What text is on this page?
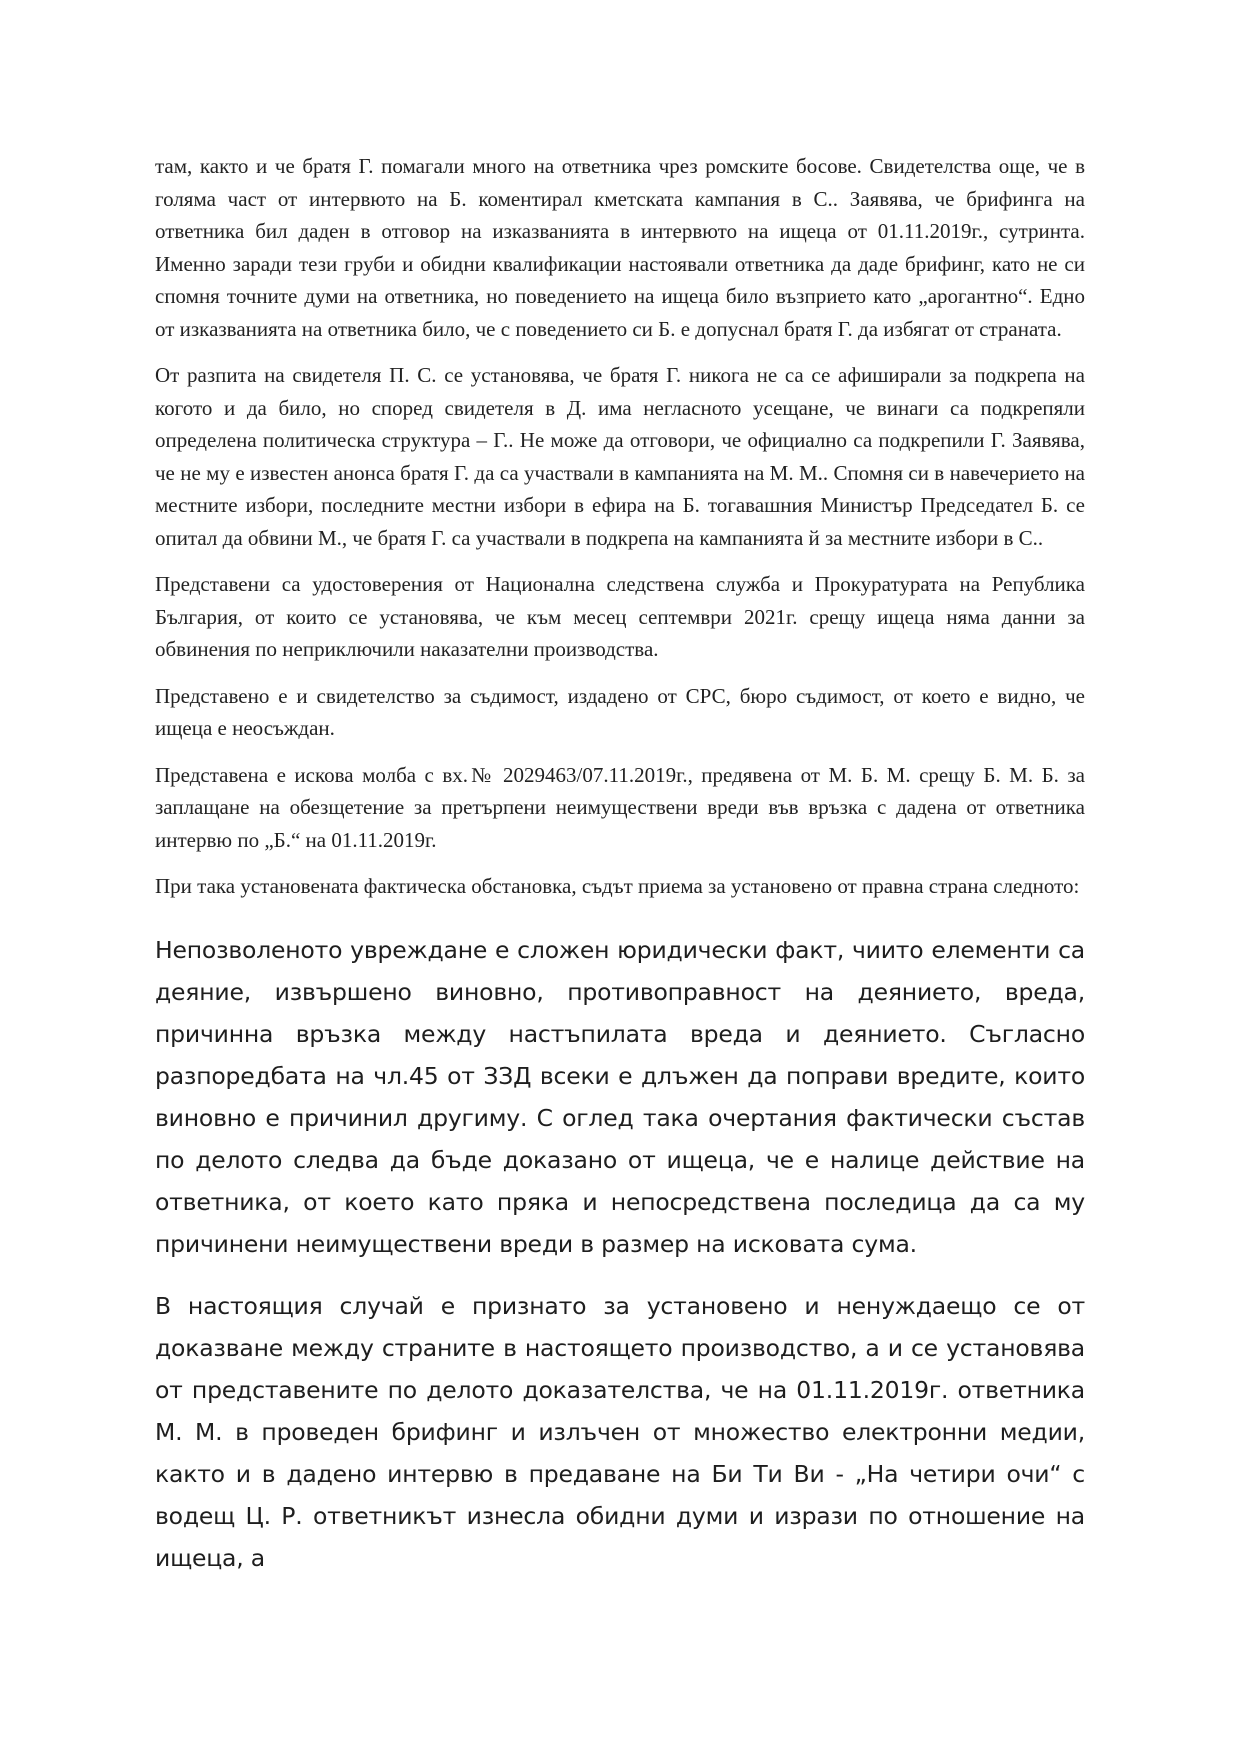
там, както и че братя Г. помагали много на ответника чрез ромските босове. Свидетелства още, че в голяма част от интервюто на Б. коментирал кметската кампания в С.. Заявява, че брифинга на ответника бил даден в отговор на изказванията в интервюто на ищеца от 01.11.2019г., сутринта. Именно заради тези груби и обидни квалификации настоявали ответника да даде брифинг, като не си спомня точните думи на ответника, но поведението на ищеца било възприето като „арогантно“. Едно от изказванията на ответника било, че с поведението си Б. е допуснал братя Г. да избягат от страната.

От разпита на свидетеля П. С. се установява, че братя Г. никога не са се афиширали за подкрепа на когото и да било, но според свидетеля в Д. има негласното усещане, че винаги са подкрепяли определена политическа структура – Г.. Не може да отговори, че официално са подкрепили Г. Заявява, че не му е известен анонса братя Г. да са участвали в кампанията на М. М.. Спомня си в навечерието на местните избори, последните местни избори в ефира на Б. тогавашния Министър Председател Б. се опитал да обвини М., че братя Г. са участвали в подкрепа на кампанията й за местните избори в С..

Представени са удостоверения от Национална следствена служба и Прокуратурата на Република България, от които се установява, че към месец септември 2021г. срещу ищеца няма данни за обвинения по неприключили наказателни производства.

Представено е и свидетелство за съдимост, издадено от СРС, бюро съдимост, от което е видно, че ищеца е неосъждан.

Представена е искова молба с вх.№ 2029463/07.11.2019г., предявена от М. Б. М. срещу Б. М. Б. за заплащане на обезщетение за претърпени неимуществени вреди във връзка с дадена от ответника интервю по „Б.“ на 01.11.2019г.

При така установената фактическа обстановка, съдът приема за установено от правна страна следното:

Непозволеното увреждане е сложен юридически факт, чиито елементи са деяние, извършено виновно, противоправност на деянието, вреда, причинна връзка между настъпилата вреда и деянието. Съгласно разпоредбата на чл.45 от ЗЗД всеки е длъжен да поправи вредите, които виновно е причинил другиму. С оглед така очертания фактически състав по делото следва да бъде доказано от ищеца, че е налице действие на ответника, от което като пряка и непосредствена последица да са му причинени неимуществени вреди в размер на исковата сума.

В настоящия случай е признато за установено и ненуждаещо се от доказване между страните в настоящето производство, а и се установява от представените по делото доказателства, че на 01.11.2019г. ответника М. М. в проведен брифинг и излъчен от множество електронни медии, както и в дадено интервю в предаване на Би Ти Ви - „На четири очи“ с водещ Ц. Р. ответникът изнесла обидни думи и изрази по отношение на ищеца, а
